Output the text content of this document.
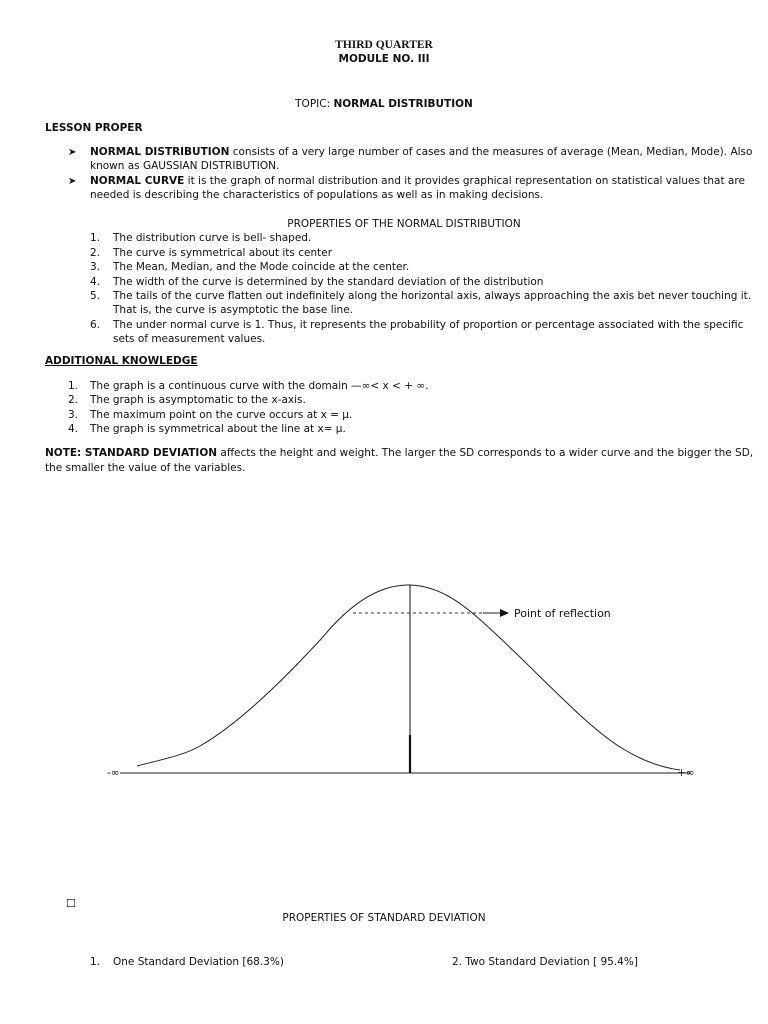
THIRD QUARTER
MODULE NO. III
TOPIC: NORMAL DISTRIBUTION
LESSON PROPER
➤ NORMAL DISTRIBUTION consists of a very large number of cases and the measures of average (Mean, Median, Mode). Also
known as GAUSSIAN DISTRIBUTION.
➤ NORMAL CURVE it is the graph of normal distribution and it provides graphical representation on statistical values that are
needed is describing the characteristics of populations as well as in making decisions.
PROPERTIES OF THE NORMAL DISTRIBUTION
1. The distribution curve is bell- shaped.
2. The curve is symmetrical about its center
3. The Mean, Median, and the Mode coincide at the center.
4. The width of the curve is determined by the standard deviation of the distribution
5. The tails of the curve flatten out indefinitely along the horizontal axis, always approaching the axis bet never touching it.
That is, the curve is asymptotic the base line.
6. The under normal curve is 1. Thus, it represents the probability of proportion or percentage associated with the specific
sets of measurement values.
ADDITIONAL KNOWLEDGE
1. The graph is a continuous curve with the domain —∞< x < + ∞.
2. The graph is asymptomatic to the x-axis.
3. The maximum point on the curve occurs at x = μ.
4. The graph is symmetrical about the line at x= μ.
NOTE: STANDARD DEVIATION affects the height and weight. The larger the SD corresponds to a wider curve and the bigger the SD,
the smaller the value of the variables.
Point of reflection
-∞	+∞
☐
PROPERTIES OF STANDARD DEVIATION
1. One Standard Deviation [68.3%)	2. Two Standard Deviation [ 95.4%]
